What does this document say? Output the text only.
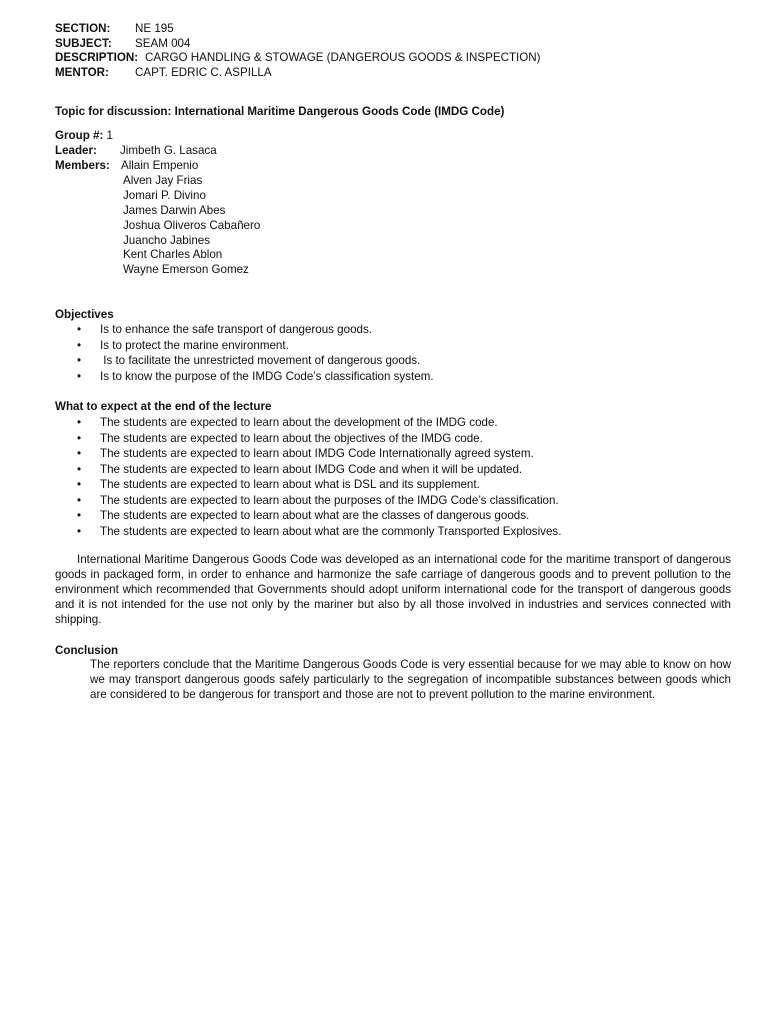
SECTION: NE 195
SUBJECT: SEAM 004
DESCRIPTION: CARGO HANDLING & STOWAGE (DANGEROUS GOODS & INSPECTION)
MENTOR: CAPT. EDRIC C. ASPILLA
Topic for discussion: International Maritime Dangerous Goods Code (IMDG Code)
Group #: 1
Leader: Jimbeth G. Lasaca
Members: Allain Empenio
Alven Jay Frias
Jomari P. Divino
James Darwin Abes
Joshua Oliveros Cabañero
Juancho Jabines
Kent Charles Ablon
Wayne Emerson Gomez
Objectives
• Is to enhance the safe transport of dangerous goods.
• Is to protect the marine environment.
• Is to facilitate the unrestricted movement of dangerous goods.
• Is to know the purpose of the IMDG Code’s classification system.
What to expect at the end of the lecture
• The students are expected to learn about the development of the IMDG code.
• The students are expected to learn about the objectives of the IMDG code.
• The students are expected to learn about IMDG Code Internationally agreed system.
• The students are expected to learn about IMDG Code and when it will be updated.
• The students are expected to learn about what is DSL and its supplement.
• The students are expected to learn about the purposes of the IMDG Code’s classification.
• The students are expected to learn about what are the classes of dangerous goods.
• The students are expected to learn about what are the commonly Transported Explosives.
International Maritime Dangerous Goods Code was developed as an international code for the maritime transport of dangerous goods in packaged form, in order to enhance and harmonize the safe carriage of dangerous goods and to prevent pollution to the environment which recommended that Governments should adopt uniform international code for the transport of dangerous goods and it is not intended for the use not only by the mariner but also by all those involved in industries and services connected with shipping.
Conclusion
The reporters conclude that the Maritime Dangerous Goods Code is very essential because for we may able to know on how we may transport dangerous goods safely particularly to the segregation of incompatible substances between goods which are considered to be dangerous for transport and those are not to prevent pollution to the marine environment.
